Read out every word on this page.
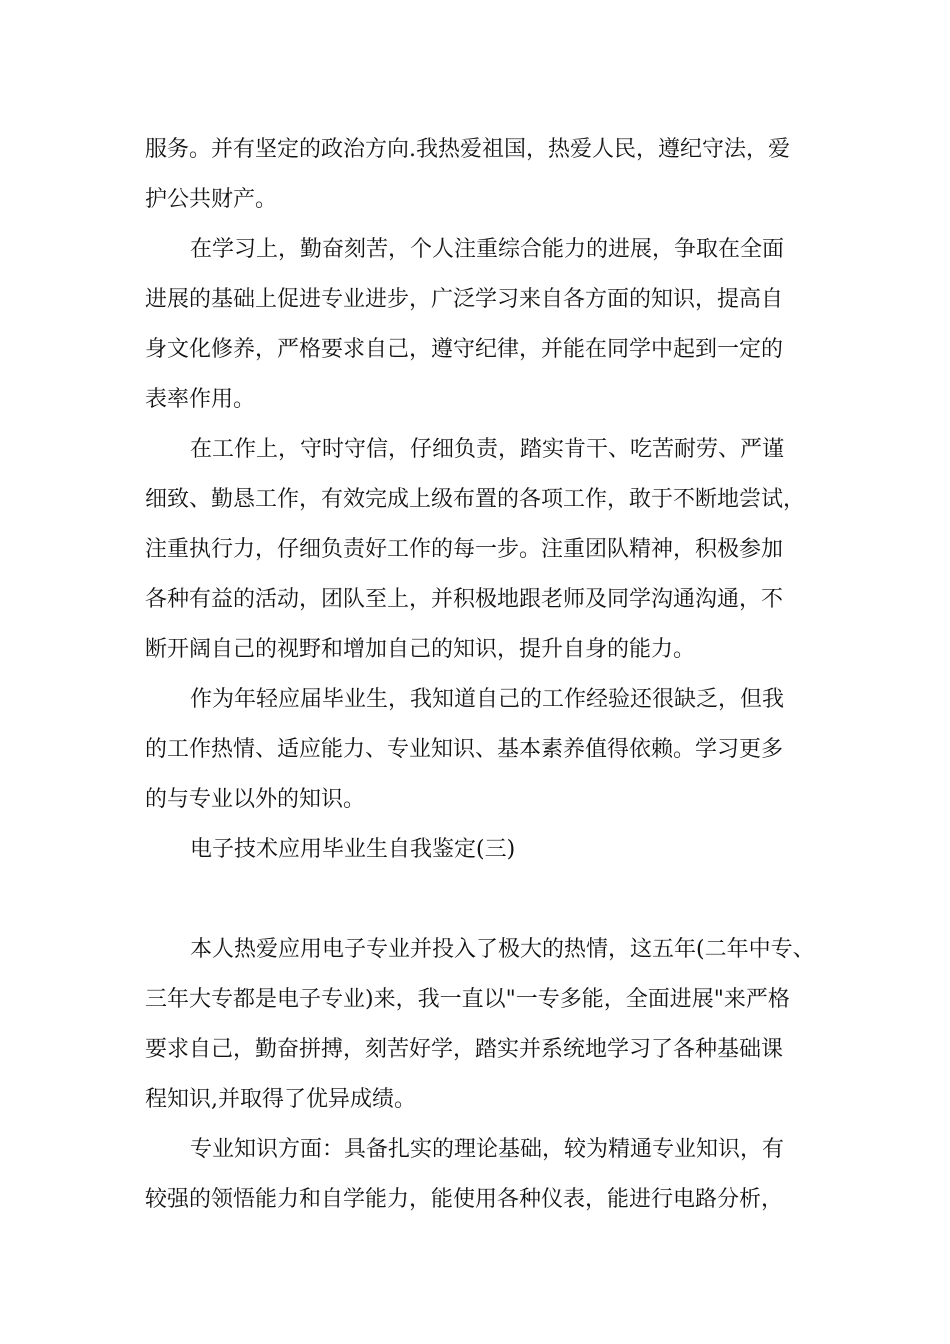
服务。并有坚定的政治方向.我热爱祖国，热爱人民，遵纪守法，爱
护公共财产。
在学习上，勤奋刻苦，个人注重综合能力的进展，争取在全面
进展的基础上促进专业进步，广泛学习来自各方面的知识，提高自
身文化修养，严格要求自己，遵守纪律，并能在同学中起到一定的
表率作用。
在工作上，守时守信，仔细负责，踏实肯干、吃苦耐劳、严谨
细致、勤恳工作，有效完成上级布置的各项工作，敢于不断地尝试，
注重执行力，仔细负责好工作的每一步。注重团队精神，积极参加
各种有益的活动，团队至上，并积极地跟老师及同学沟通沟通，不
断开阔自己的视野和增加自己的知识，提升自身的能力。
作为年轻应届毕业生，我知道自己的工作经验还很缺乏，但我
的工作热情、适应能力、专业知识、基本素养值得依赖。学习更多
的与专业以外的知识。
电子技术应用毕业生自我鉴定(三)
本人热爱应用电子专业并投入了极大的热情，这五年(二年中专、
三年大专都是电子专业)来，我一直以"一专多能，全面进展"来严格
要求自己，勤奋拼搏，刻苦好学，踏实并系统地学习了各种基础课
程知识,并取得了优异成绩。
专业知识方面：具备扎实的理论基础，较为精通专业知识，有
较强的领悟能力和自学能力，能使用各种仪表，能进行电路分析，
